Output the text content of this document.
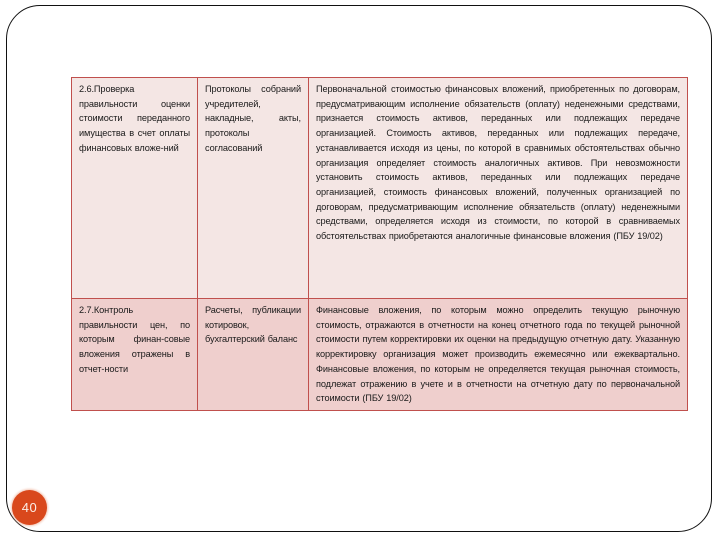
2.6.Проверка правильности оценки стоимости переданного имущества в счет оплаты финансовых вложе-ний	Протоколы собраний учредителей, накладные, акты, протоколы согласований	Первоначальной стоимостью финансовых вложений, приобретенных по договорам, предусматривающим исполнение обязательств (оплату) неденежными средствами, признается стоимость активов, переданных или подлежащих передаче организацией. Стоимость активов, переданных или подлежащих передаче, устанавливается исходя из цены, по которой в сравнимых обстоятельствах обычно организация определяет стоимость аналогичных активов. При невозможности установить стоимость активов, переданных или подлежащих передаче организацией, стоимость финансовых вложений, полученных организацией по договорам, предусматривающим исполнение обязательств (оплату) неденежными средствами, определяется исходя из стоимости, по которой в сравниваемых обстоятельствах приобретаются аналогичные финансовые вложения (ПБУ 19/02)
2.7.Контроль правильности цен, по которым финан-совые вложения отражены в отчет-ности	Расчеты, публикации котировок, бухгалтерский баланс	Финансовые вложения, по которым можно определить текущую рыночную стоимость, отражаются в отчетности на конец отчетного года по текущей рыночной стоимости путем корректировки их оценки на предыдущую отчетную дату. Указанную корректировку организация может производить ежемесячно или ежеквартально. Финансовые вложения, по которым не определяется текущая рыночная стоимость, подлежат отражению в учете и в отчетности на отчетную дату по первоначальной стоимости (ПБУ 19/02)
40
